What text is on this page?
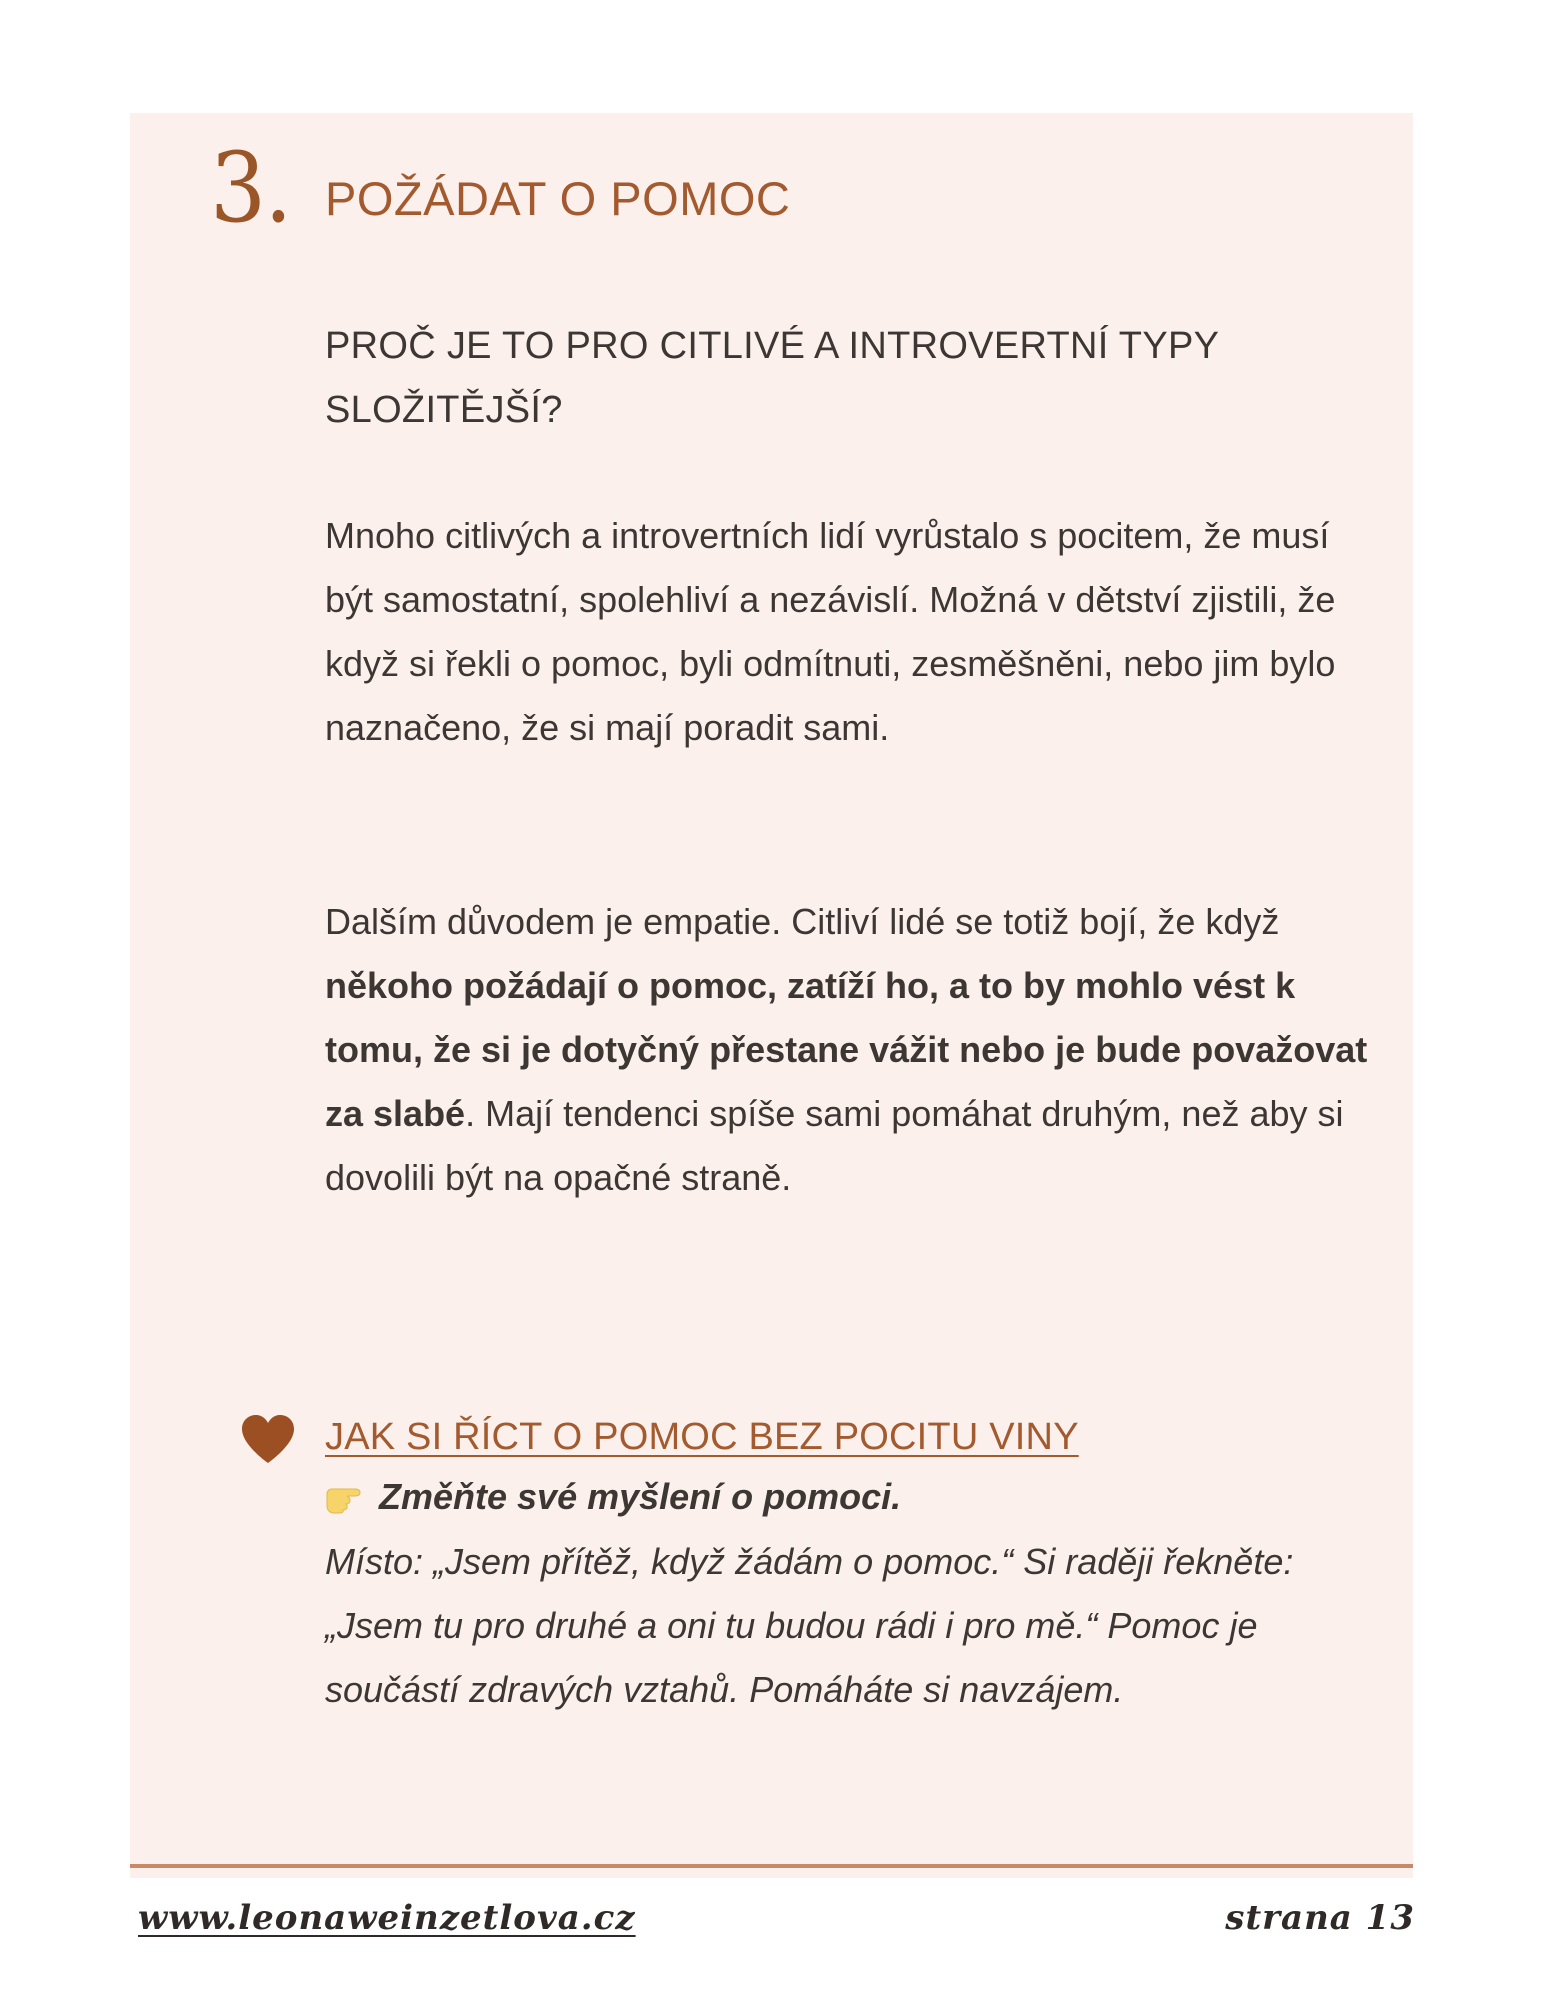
3. POŽÁDAT O POMOC
PROČ JE TO PRO CITLIVÉ A INTROVERTNÍ TYPY SLOŽITĚJŠÍ?

Mnoho citlivých a introvertních lidí vyrůstalo s pocitem, že musí být samostatní, spolehliví a nezávislí. Možná v dětství zjistili, že když si řekli o pomoc, byli odmítnuti, zesměšněni, nebo jim bylo naznačeno, že si mají poradit sami.

Dalším důvodem je empatie. Citliví lidé se totiž bojí, že když někoho požádají o pomoc, zatíží ho, a to by mohlo vést k tomu, že si je dotyčný přestane vážit nebo je bude považovat za slabé. Mají tendenci spíše sami pomáhat druhým, než aby si dovolili být na opačné straně.

JAK SI ŘÍCT O POMOC BEZ POCITU VINY
Změňte své myšlení o pomoci.

Místo: „Jsem přítěž, když žádám o pomoc.“ Si raději řekněte: „Jsem tu pro druhé a oni tu budou rádi i pro mě.“ Pomoc je součástí zdravých vztahů. Pomáháte si navzájem.

www.leonaweinzetlova.cz	strana 13
